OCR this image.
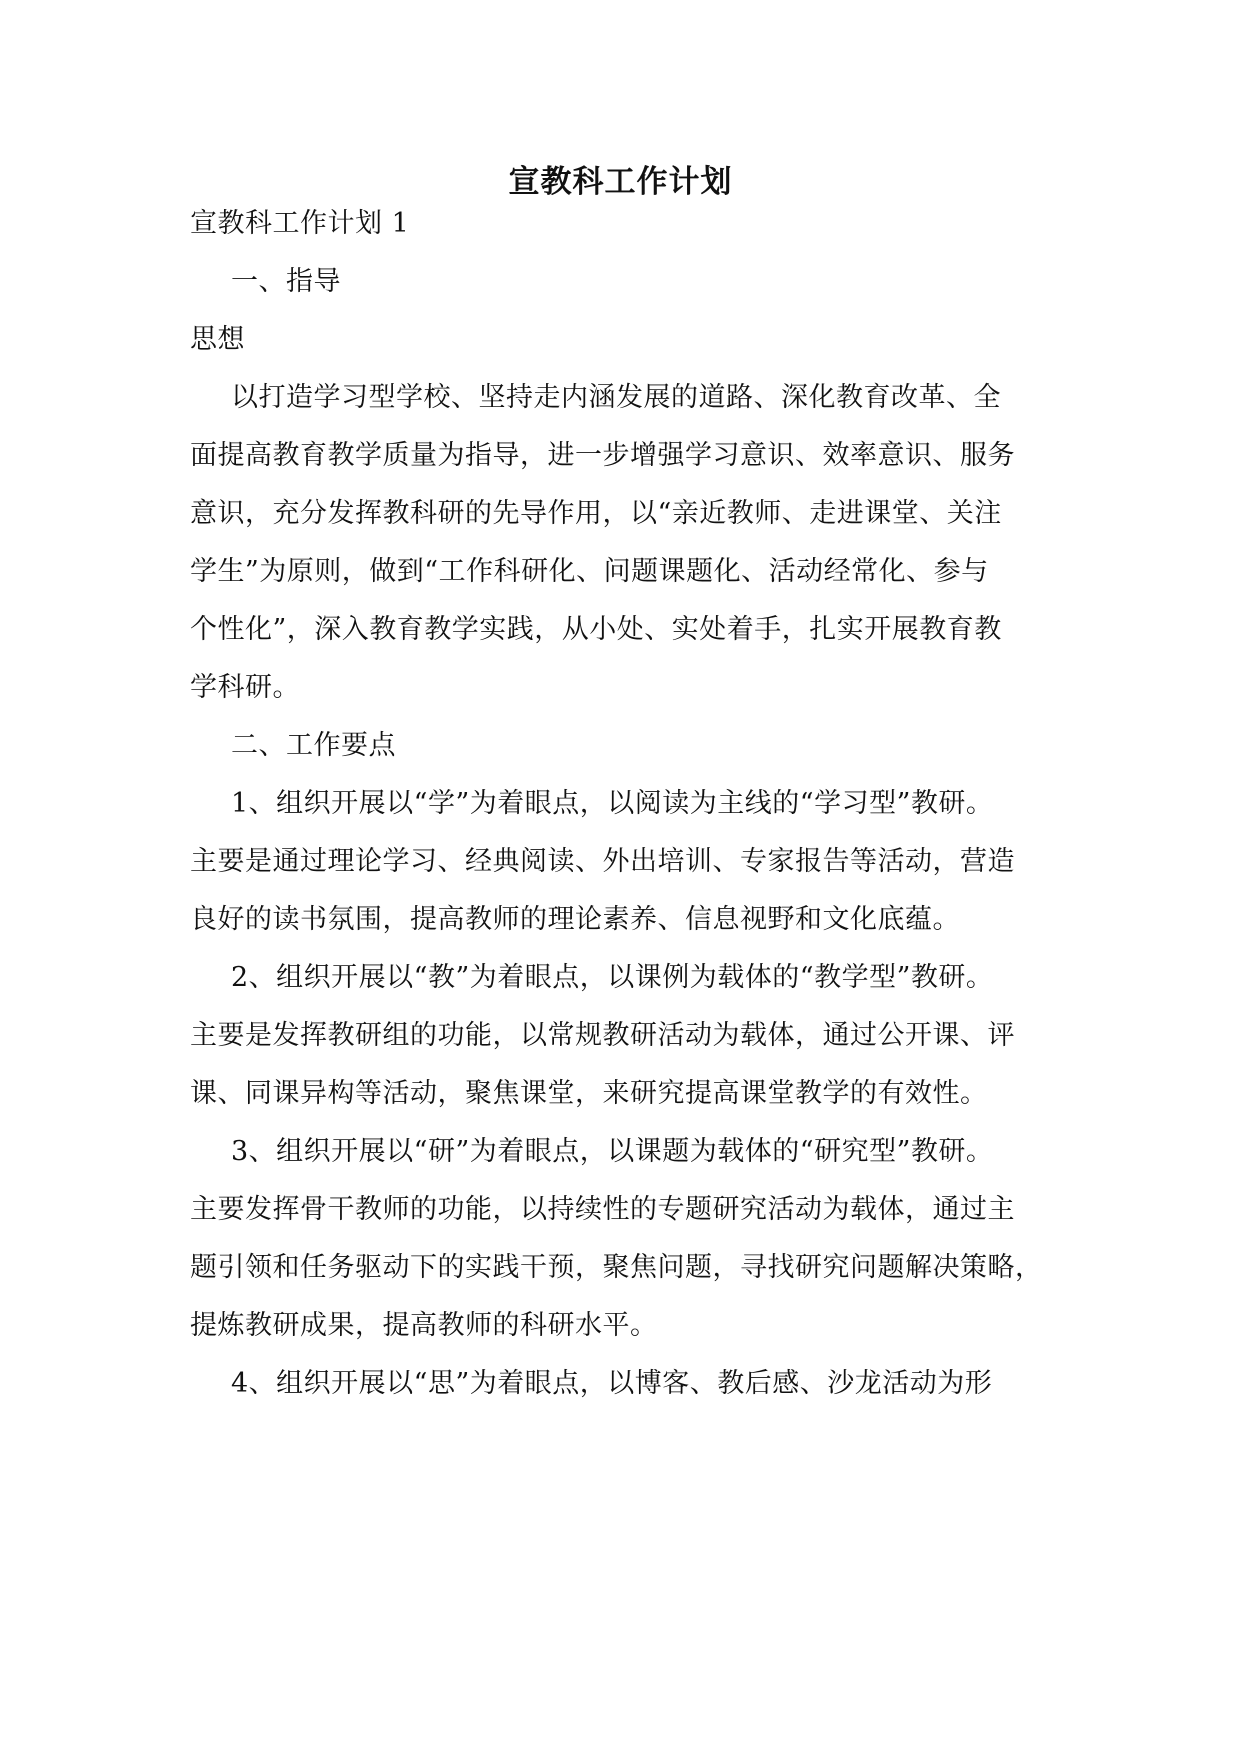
宣教科工作计划
宣教科工作计划 1
一、指导
思想
以打造学习型学校、坚持走内涵发展的道路、深化教育改革、全
面提高教育教学质量为指导，进一步增强学习意识、效率意识、服务
意识，充分发挥教科研的先导作用，以“亲近教师、走进课堂、关注
学生”为原则，做到“工作科研化、问题课题化、活动经常化、参与
个性化”，深入教育教学实践，从小处、实处着手，扎实开展教育教
学科研。
二、工作要点
1、组织开展以“学”为着眼点，以阅读为主线的“学习型”教研。
主要是通过理论学习、经典阅读、外出培训、专家报告等活动，营造
良好的读书氛围，提高教师的理论素养、信息视野和文化底蕴。
2、组织开展以“教”为着眼点，以课例为载体的“教学型”教研。
主要是发挥教研组的功能，以常规教研活动为载体，通过公开课、评
课、同课异构等活动，聚焦课堂，来研究提高课堂教学的有效性。
3、组织开展以“研”为着眼点，以课题为载体的“研究型”教研。
主要发挥骨干教师的功能，以持续性的专题研究活动为载体，通过主
题引领和任务驱动下的实践干预，聚焦问题，寻找研究问题解决策略，
提炼教研成果，提高教师的科研水平。
4、组织开展以“思”为着眼点，以博客、教后感、沙龙活动为形
